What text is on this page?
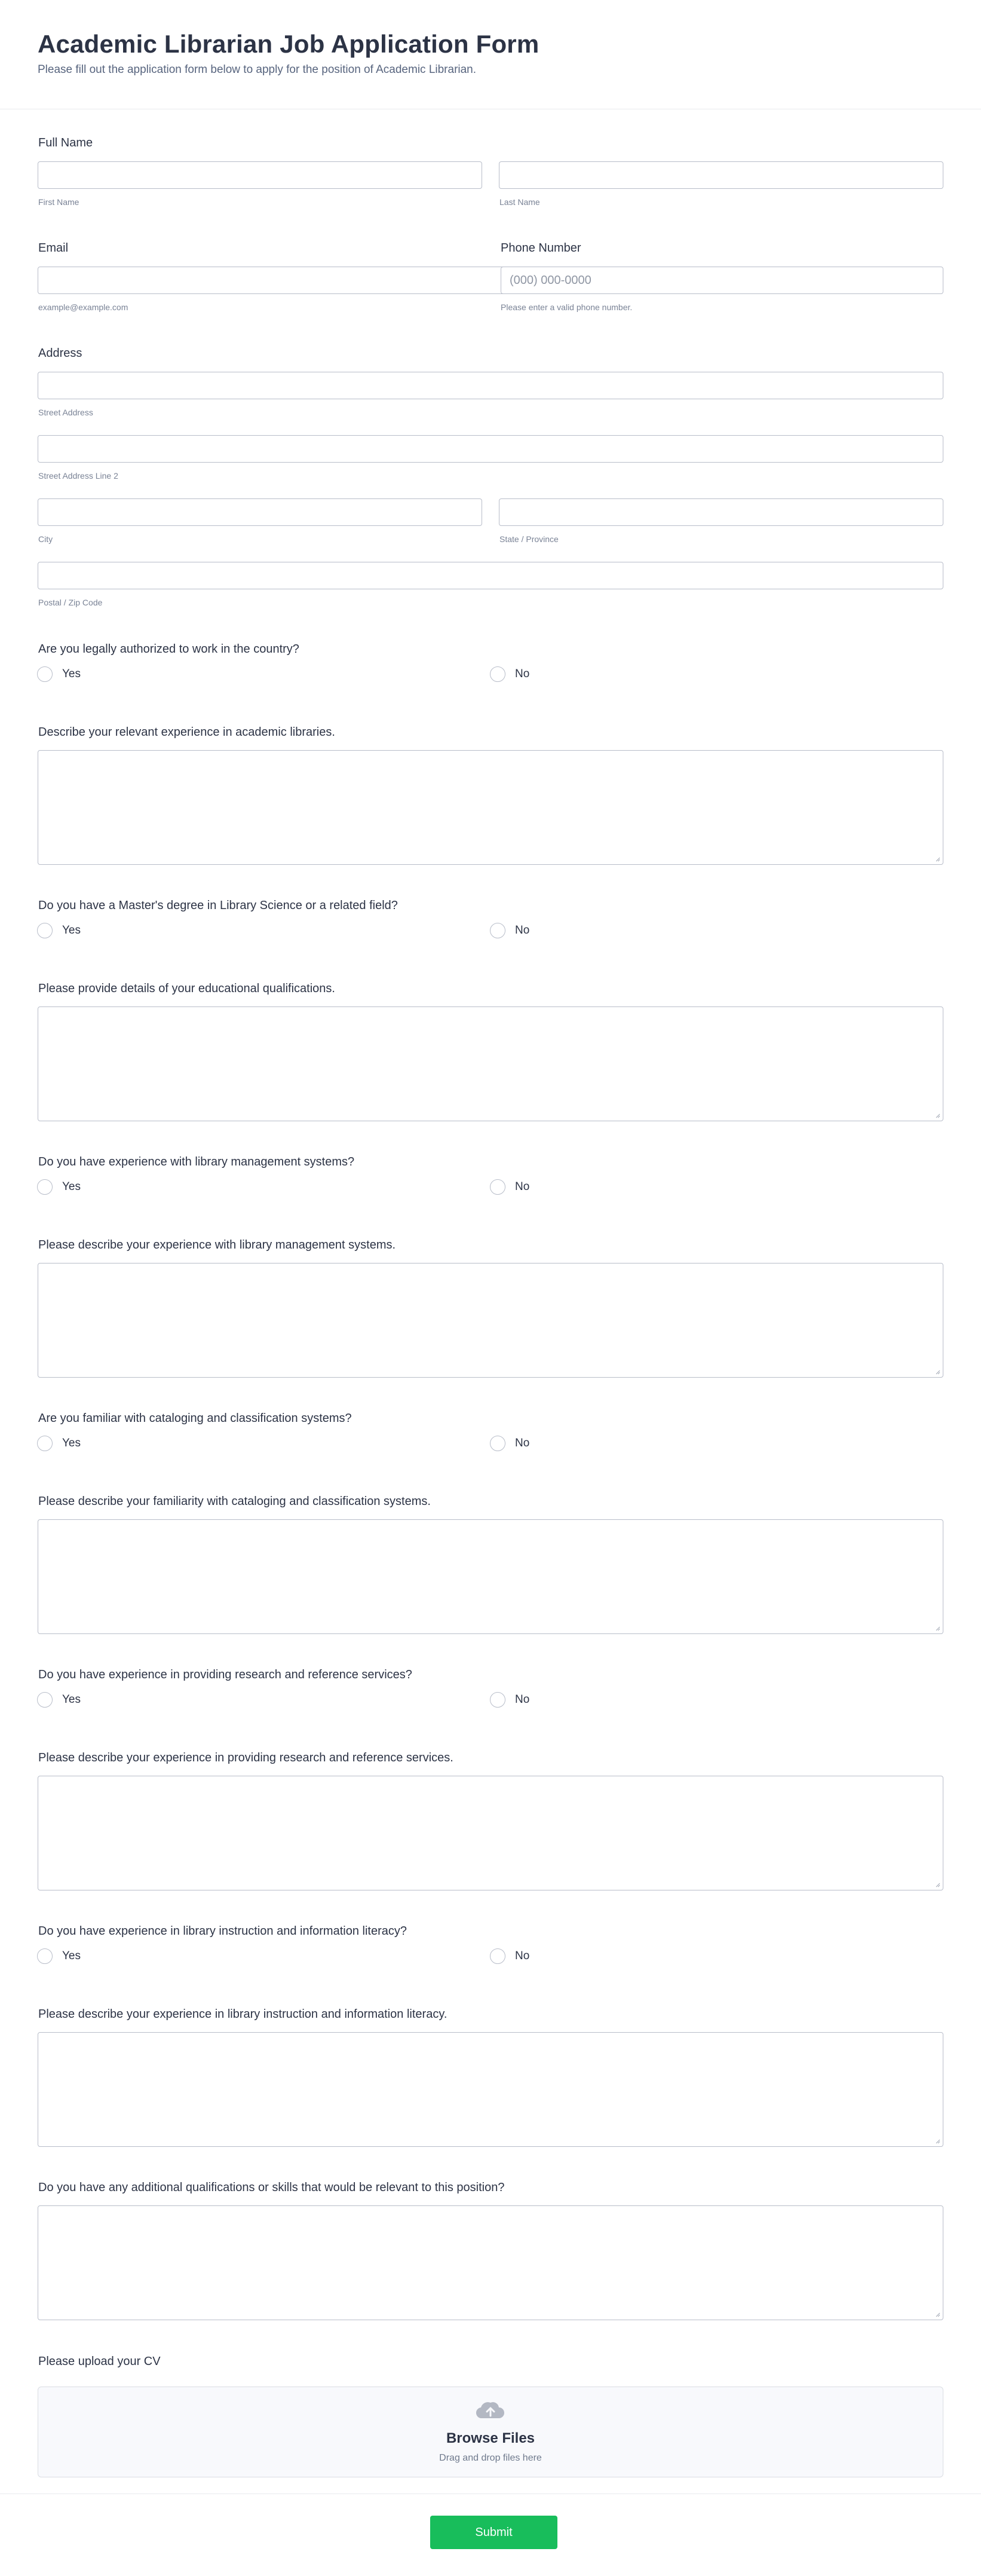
Academic Librarian Job Application Form

Please fill out the application form below to apply for the position of Academic Librarian.

Full Name
First Name	Last Name
Email	Phone Number
(000) 000-0000
example@example.com	Please enter a valid phone number.
Address
Street Address
Street Address Line 2
City	State / Province
Postal / Zip Code
Are you legally authorized to work in the country?
Yes	No
Describe your relevant experience in academic libraries.
Do you have a Master's degree in Library Science or a related field?
Yes	No
Please provide details of your educational qualifications.
Do you have experience with library management systems?
Yes	No
Please describe your experience with library management systems.
Are you familiar with cataloging and classification systems?
Yes	No
Please describe your familiarity with cataloging and classification systems.
Do you have experience in providing research and reference services?
Yes	No
Please describe your experience in providing research and reference services.
Do you have experience in library instruction and information literacy?
Yes	No
Please describe your experience in library instruction and information literacy.
Do you have any additional qualifications or skills that would be relevant to this position?
Please upload your CV
Browse Files
Drag and drop files here
Submit
